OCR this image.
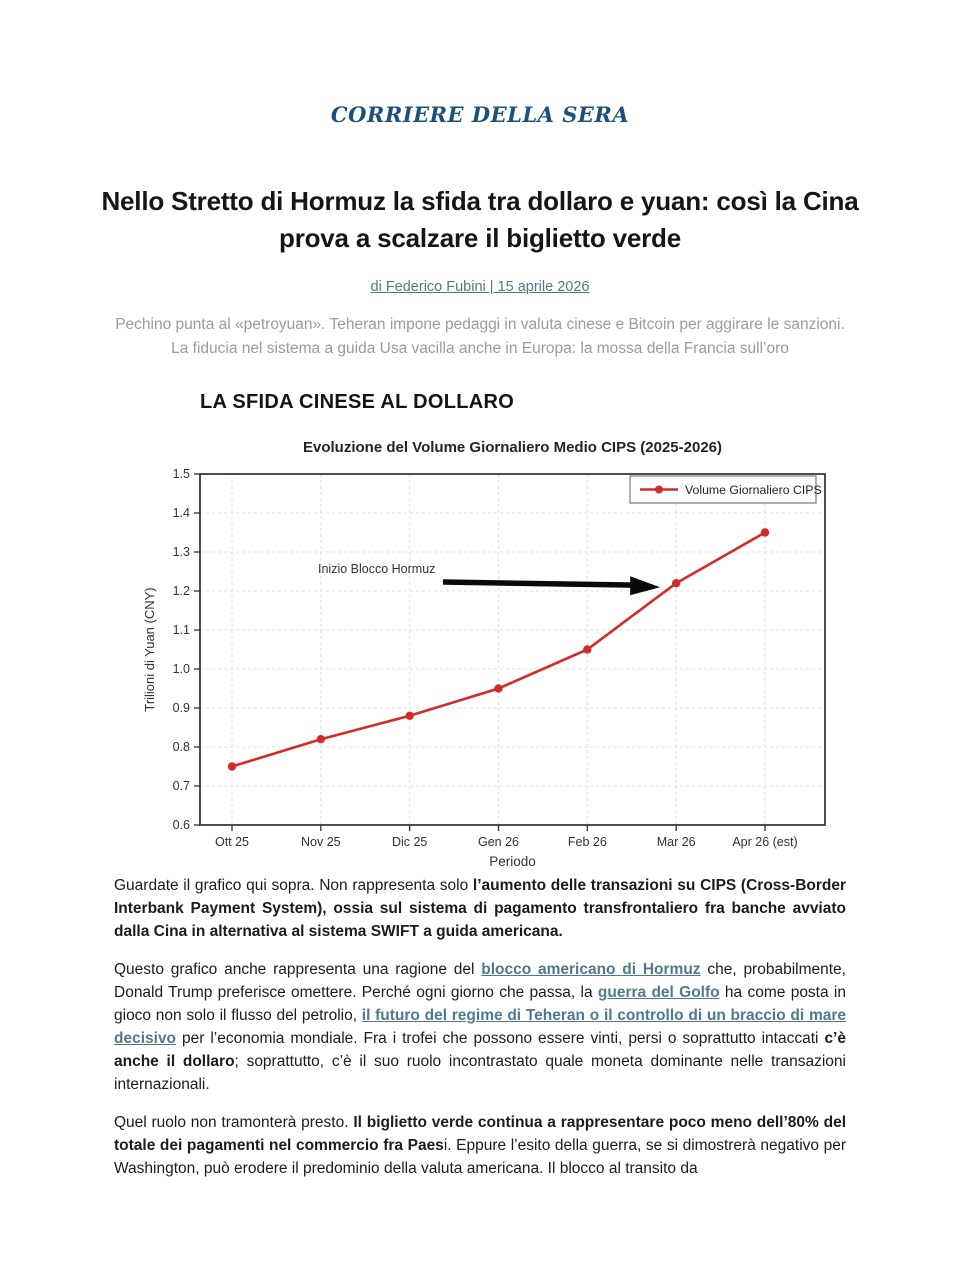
CORRIERE DELLA SERA
Nello Stretto di Hormuz la sfida tra dollaro e yuan: così la Cina prova a scalzare il biglietto verde
di Federico Fubini | 15 aprile 2026
Pechino punta al «petroyuan». Teheran impone pedaggi in valuta cinese e Bitcoin per aggirare le sanzioni. La fiducia nel sistema a guida Usa vacilla anche in Europa: la mossa della Francia sull’oro
LA SFIDA CINESE AL DOLLARO
Evoluzione del Volume Giornaliero Medio CIPS (2025-2026)
0.6
0.7
0.8
0.9
1.0
1.1
1.2
1.3
1.4
1.5
Ott 25	Nov 25	Dic 25	Gen 26	Feb 26	Mar 26	Apr 26 (est)
Trilioni di Yuan (CNY)
Periodo
Inizio Blocco Hormuz
Volume Giornaliero CIPS

Guardate il grafico qui sopra. Non rappresenta solo l’aumento delle transazioni su CIPS (Cross-Border Interbank Payment System), ossia sul sistema di pagamento transfrontaliero fra banche avviato dalla Cina in alternativa al sistema SWIFT a guida americana.

Questo grafico anche rappresenta una ragione del blocco americano di Hormuz che, probabilmente, Donald Trump preferisce omettere. Perché ogni giorno che passa, la guerra del Golfo ha come posta in gioco non solo il flusso del petrolio, il futuro del regime di Teheran o il controllo di un braccio di mare decisivo per l’economia mondiale. Fra i trofei che possono essere vinti, persi o soprattutto intaccati c’è anche il dollaro; soprattutto, c’è il suo ruolo incontrastato quale moneta dominante nelle transazioni internazionali.

Quel ruolo non tramonterà presto. Il biglietto verde continua a rappresentare poco meno dell’80% del totale dei pagamenti nel commercio fra Paesi. Eppure l’esito della guerra, se si dimostrerà negativo per Washington, può erodere il predominio della valuta americana. Il blocco al transito da
